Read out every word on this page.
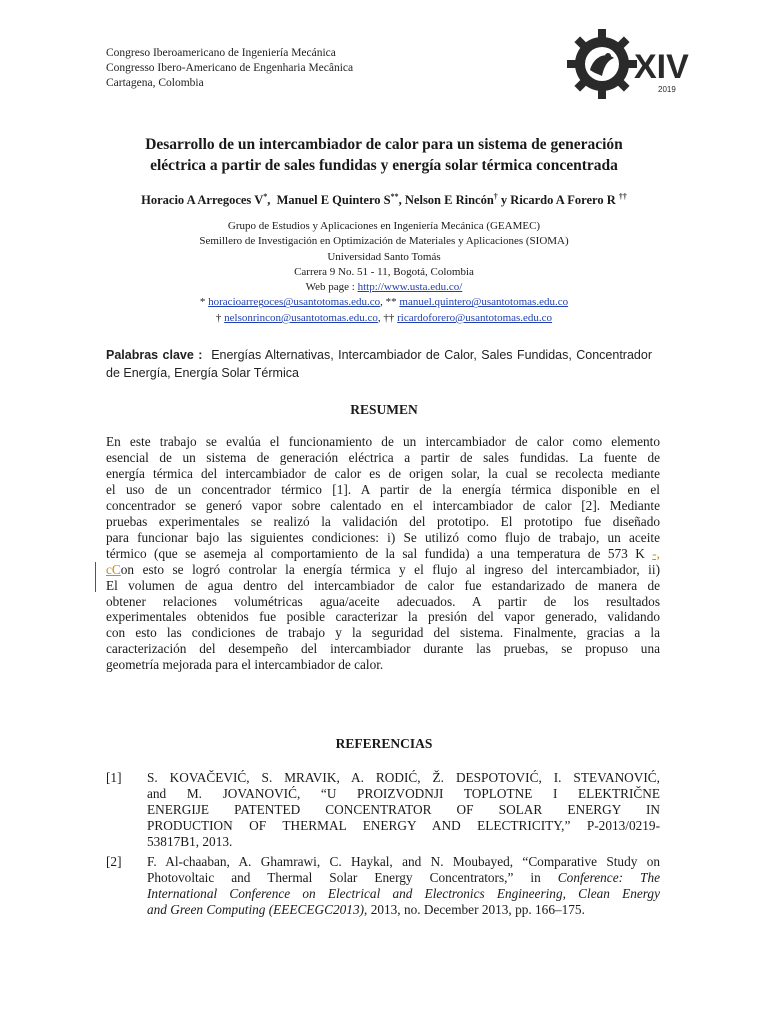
Congreso Iberoamericano de Ingeniería Mecánica
Congresso Ibero-Americano de Engenharia Mecânica
Cartagena, Colombia	XIV
2019
Desarrollo de un intercambiador de calor para un sistema de generación
eléctrica a partir de sales fundidas y energía solar térmica concentrada
Horacio A Arregoces V*,  Manuel E Quintero S**, Nelson E Rincón† y Ricardo A Forero R ††
Grupo de Estudios y Aplicaciones en Ingeniería Mecánica (GEAMEC)
Semillero de Investigación en Optimización de Materiales y Aplicaciones (SIOMA)
Universidad Santo Tomás
Carrera 9 No. 51 - 11, Bogotá, Colombia
Web page : http://www.usta.edu.co/
* horacioarregoces@usantotomas.edu.co, ** manuel.quintero@usantotomas.edu.co
† nelsonrincon@usantotomas.edu.co, †† ricardoforero@usantotomas.edu.co
Palabras clave : Energías Alternativas, Intercambiador de Calor, Sales Fundidas, Concentrador de Energía, Energía Solar Térmica
RESUMEN
En este trabajo se evalúa el funcionamiento de un intercambiador de calor como elemento
esencial de un sistema de generación eléctrica a partir de sales fundidas. La fuente de
energía térmica del intercambiador de calor es de origen solar, la cual se recolecta mediante
el uso de un concentrador térmico [1]. A partir de la energía térmica disponible en el
concentrador se generó vapor sobre calentado en el intercambiador de calor [2]. Mediante
pruebas experimentales se realizó la validación del prototipo. El prototipo fue diseñado
para funcionar bajo las siguientes condiciones: i) Se utilizó como flujo de trabajo, un aceite
térmico (que se asemeja al comportamiento de la sal fundida) a una temperatura de 573 K -,
cCon esto se logró controlar la energía térmica y el flujo al ingreso del intercambiador, ii)
El volumen de agua dentro del intercambiador de calor fue estandarizado de manera de
obtener relaciones volumétricas agua/aceite adecuados. A partir de los resultados
experimentales obtenidos fue posible caracterizar la presión del vapor generado, validando
con esto las condiciones de trabajo y la seguridad del sistema. Finalmente, gracias a la
caracterización del desempeño del intercambiador durante las pruebas, se propuso una
geometría mejorada para el intercambiador de calor.
REFERENCIAS
[1]	S. KOVAČEVIĆ, S. MRAVIK, A. RODIĆ, Ž. DESPOTOVIĆ, I. STEVANOVIĆ,
and M. JOVANOVIĆ, “U PROIZVODNJI TOPLOTNE I ELEKTRIČNE
ENERGIJE PATENTED CONCENTRATOR OF SOLAR ENERGY IN
PRODUCTION OF THERMAL ENERGY AND ELECTRICITY,” P-2013/0219-
53817B1, 2013.
[2]	F. Al-chaaban, A. Ghamrawi, C. Haykal, and N. Moubayed, “Comparative Study on
Photovoltaic and Thermal Solar Energy Concentrators,” in Conference: The
International Conference on Electrical and Electronics Engineering, Clean Energy
and Green Computing (EEECEGC2013), 2013, no. December 2013, pp. 166–175.
